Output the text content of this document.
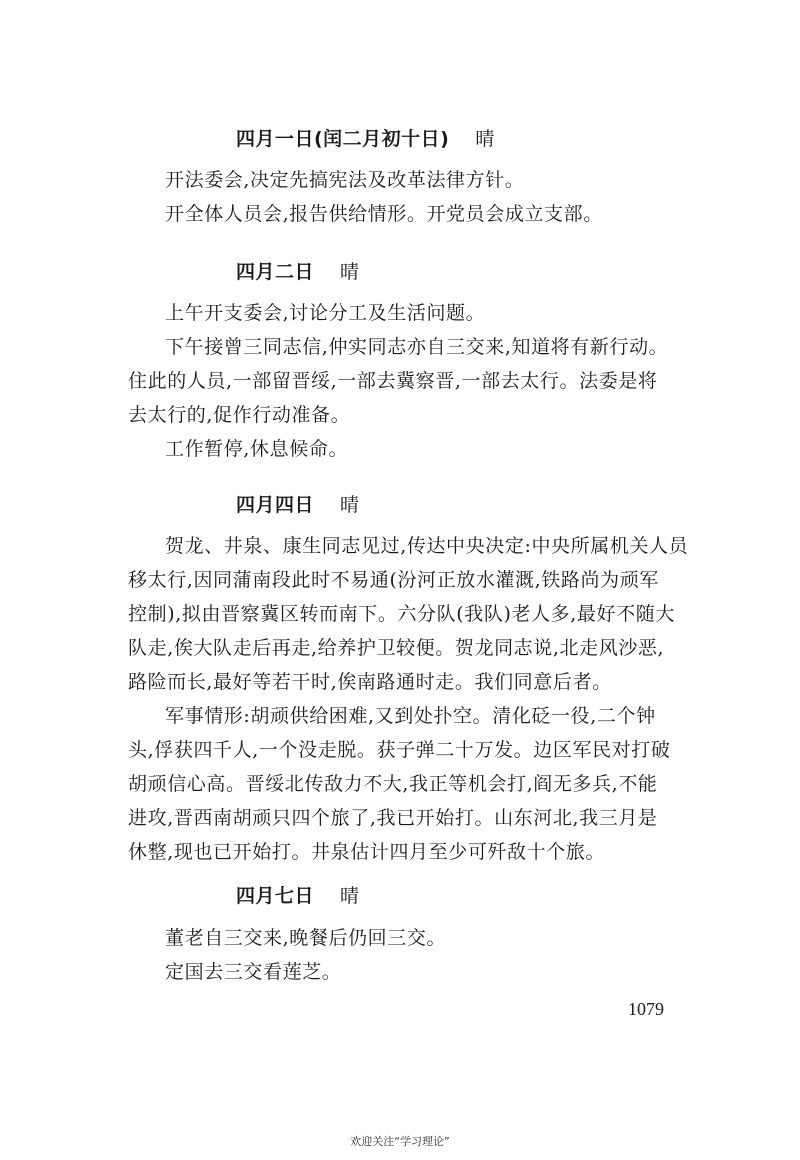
四月一日(闰二月初十日) 晴
开法委会,决定先搞宪法及改革法律方针。
开全体人员会,报告供给情形。开党员会成立支部。
四月二日 晴
上午开支委会,讨论分工及生活问题。
下午接曾三同志信,仲实同志亦自三交来,知道将有新行动。
住此的人员,一部留晋绥,一部去冀察晋,一部去太行。法委是将
去太行的,促作行动准备。
工作暂停,休息候命。
四月四日 晴
贺龙、井泉、康生同志见过,传达中央决定:中央所属机关人员
移太行,因同蒲南段此时不易通(汾河正放水灌溉,铁路尚为顽军
控制),拟由晋察冀区转而南下。六分队(我队)老人多,最好不随大
队走,俟大队走后再走,给养护卫较便。贺龙同志说,北走风沙恶,
路险而长,最好等若干时,俟南路通时走。我们同意后者。
军事情形:胡顽供给困难,又到处扑空。清化砭一役,二个钟
头,俘获四千人,一个没走脱。获子弹二十万发。边区军民对打破
胡顽信心高。晋绥北传敌力不大,我正等机会打,阎无多兵,不能
进攻,晋西南胡顽只四个旅了,我已开始打。山东河北,我三月是
休整,现也已开始打。井泉估计四月至少可歼敌十个旅。
四月七日 晴
董老自三交来,晚餐后仍回三交。
定国去三交看莲芝。
1079
欢迎关注“学习理论”
